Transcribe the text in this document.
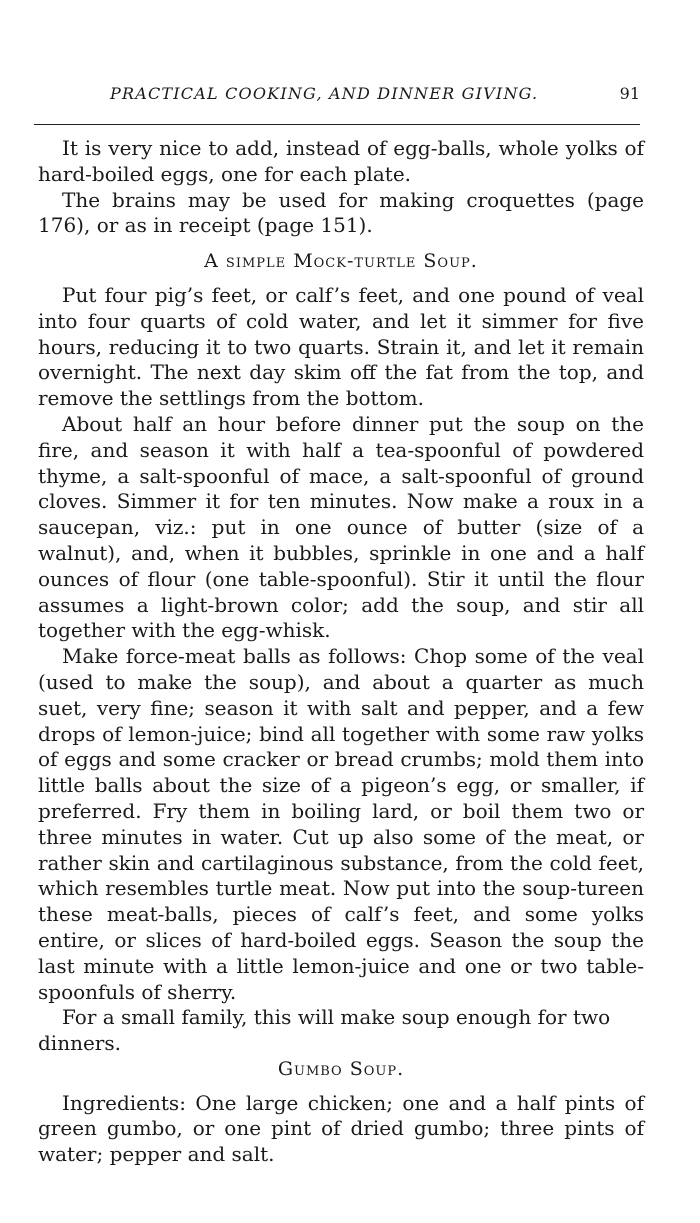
PRACTICAL COOKING, AND DINNER GIVING.	91

It is very nice to add, instead of egg-balls, whole yolks of hard-boiled eggs, one for each plate.

The brains may be used for making croquettes (page 176), or as in receipt (page 151).

A simple Mock-turtle Soup.

Put four pig’s feet, or calf’s feet, and one pound of veal into four quarts of cold water, and let it simmer for five hours, reducing it to two quarts. Strain it, and let it remain overnight. The next day skim off the fat from the top, and remove the settlings from the bottom.

About half an hour before dinner put the soup on the fire, and season it with half a tea-spoonful of powdered thyme, a salt-spoonful of mace, a salt-spoonful of ground cloves. Simmer it for ten minutes. Now make a roux in a saucepan, viz.: put in one ounce of butter (size of a walnut), and, when it bubbles, sprinkle in one and a half ounces of flour (one table-spoonful). Stir it until the flour assumes a light-brown color; add the soup, and stir all together with the egg-whisk.

Make force-meat balls as follows: Chop some of the veal (used to make the soup), and about a quarter as much suet, very fine; season it with salt and pepper, and a few drops of lemon-juice; bind all together with some raw yolks of eggs and some cracker or bread crumbs; mold them into little balls about the size of a pigeon’s egg, or smaller, if preferred. Fry them in boiling lard, or boil them two or three minutes in water. Cut up also some of the meat, or rather skin and cartilaginous substance, from the cold feet, which resembles turtle meat. Now put into the soup-tureen these meat-balls, pieces of calf’s feet, and some yolks entire, or slices of hard-boiled eggs. Season the soup the last minute with a little lemon-juice and one or two table-spoonfuls of sherry.

For a small family, this will make soup enough for two dinners.

Gumbo Soup.

Ingredients: One large chicken; one and a half pints of green gumbo, or one pint of dried gumbo; three pints of water; pepper and salt.
